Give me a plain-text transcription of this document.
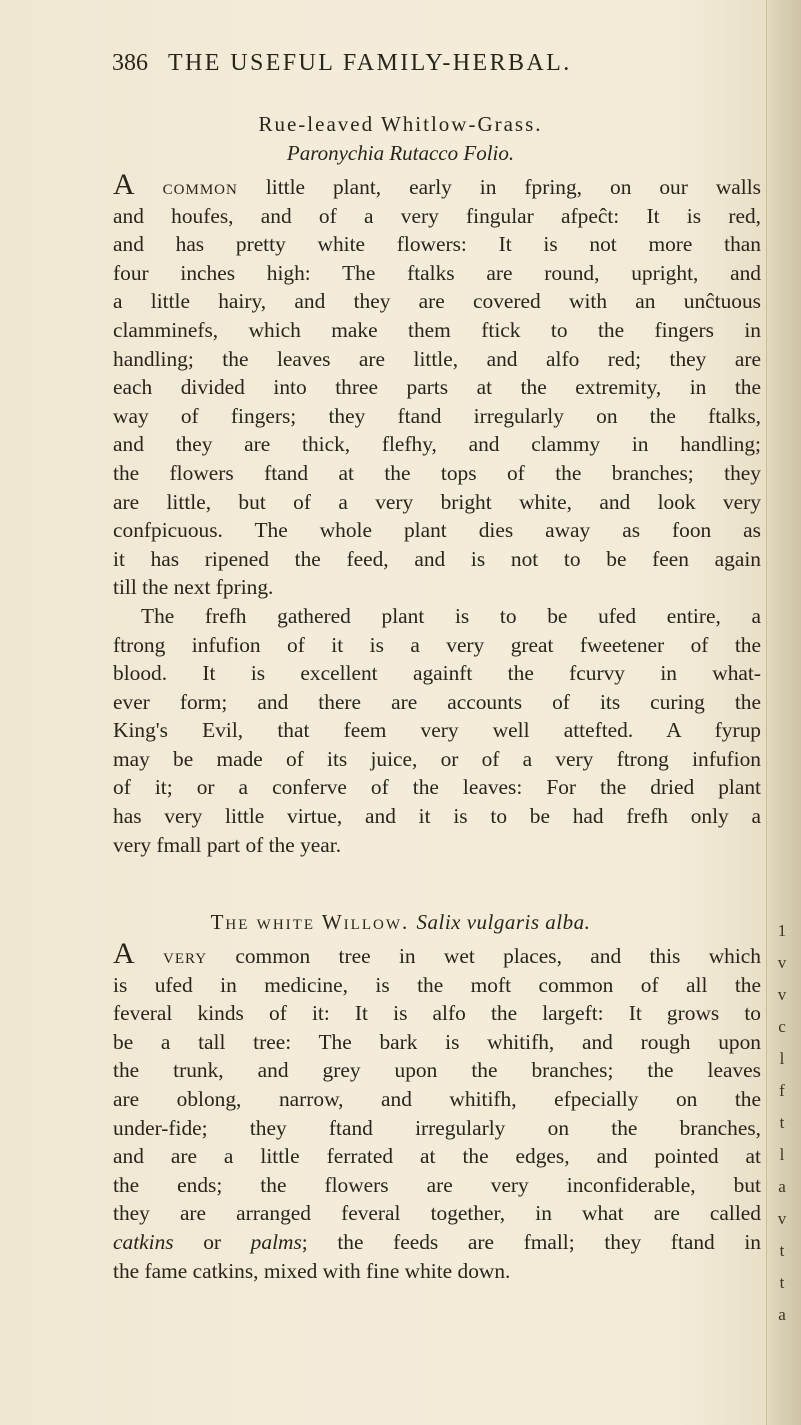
386 THE USEFUL FAMILY-HERBAL.
Rue-leaved Whitlow-Grass.
Paronychia Rutacco Folio.
A common little plant, early in fpring, on our walls
and houfes, and of a very fingular afpeĉt: It is red,
and has pretty white flowers: It is not more than
four inches high: The ftalks are round, upright, and
a little hairy, and they are covered with an unĉtuous
clamminefs, which make them ftick to the fingers in
handling; the leaves are little, and alfo red; they are
each divided into three parts at the extremity, in the
way of fingers; they ftand irregularly on the ftalks,
and they are thick, flefhy, and clammy in handling;
the flowers ftand at the tops of the branches; they
are little, but of a very bright white, and look very
confpicuous. The whole plant dies away as foon as
it has ripened the feed, and is not to be feen again
till the next fpring.
The frefh gathered plant is to be ufed entire, a
ftrong infufion of it is a very great fweetener of the
blood. It is excellent againft the fcurvy in what-
ever form; and there are accounts of its curing the
King's Evil, that feem very well attefted. A fyrup
may be made of its juice, or of a very ftrong infufion
of it; or a conferve of the leaves: For the dried plant
has very little virtue, and it is to be had frefh only a
very fmall part of the year.
The white Willow. Salix vulgaris alba.
A very common tree in wet places, and this which
is ufed in medicine, is the moft common of all the
feveral kinds of it: It is alfo the largeft: It grows to
be a tall tree: The bark is whitifh, and rough upon
the trunk, and grey upon the branches; the leaves
are oblong, narrow, and whitifh, efpecially on the
under-fide; they ftand irregularly on the branches,
and are a little ferrated at the edges, and pointed at
the ends; the flowers are very inconfiderable, but
they are arranged feveral together, in what are called
catkins or palms; the feeds are fmall; they ftand in
the fame catkins, mixed with fine white down.
1
v
v
c
l
f
t
l
a
v
t
t
a
